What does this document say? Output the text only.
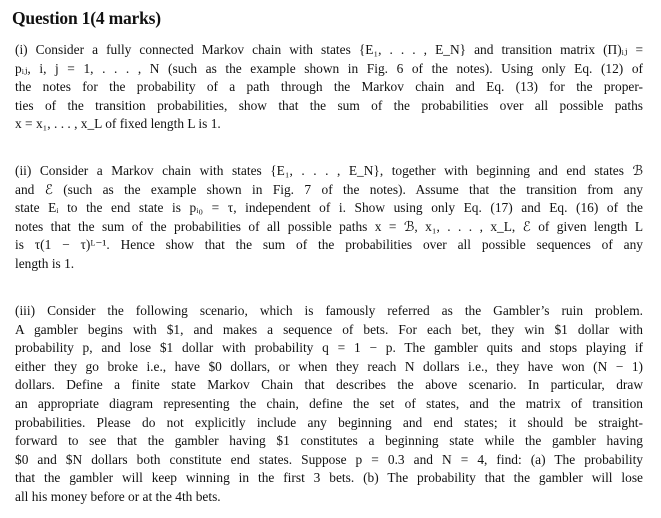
Question 1(4 marks)

(i) Consider a fully connected Markov chain with states {E₁, . . . , E_N} and transition matrix (Π)ᵢⱼ =
pᵢⱼ, i, j = 1, . . . , N (such as the example shown in Fig. 6 of the notes). Using only Eq. (12) of
the notes for the probability of a path through the Markov chain and Eq. (13) for the proper-
ties of the transition probabilities, show that the sum of the probabilities over all possible paths
x = x₁, . . . , x_L of fixed length L is 1.

(ii) Consider a Markov chain with states {E₁, . . . , E_N}, together with beginning and end states ℬ
and ℰ (such as the example shown in Fig. 7 of the notes). Assume that the transition from any
state Eᵢ to the end state is pᵢ₀ = τ, independent of i. Show using only Eq. (17) and Eq. (16) of the
notes that the sum of the probabilities of all possible paths x = ℬ, x₁, . . . , x_L, ℰ of given length L
is τ(1 − τ)ᴸ⁻¹. Hence show that the sum of the probabilities over all possible sequences of any
length is 1.

(iii) Consider the following scenario, which is famously referred as the Gambler’s ruin problem.
A gambler begins with $1, and makes a sequence of bets. For each bet, they win $1 dollar with
probability p, and lose $1 dollar with probability q = 1 − p. The gambler quits and stops playing if
either they go broke i.e., have $0 dollars, or when they reach N dollars i.e., they have won (N − 1)
dollars. Define a finite state Markov Chain that describes the above scenario. In particular, draw
an appropriate diagram representing the chain, define the set of states, and the matrix of transition
probabilities. Please do not explicitly include any beginning and end states; it should be straight-
forward to see that the gambler having $1 constitutes a beginning state while the gambler having
$0 and $N dollars both constitute end states. Suppose p = 0.3 and N = 4, find: (a) The probability
that the gambler will keep winning in the first 3 bets. (b) The probability that the gambler will lose
all his money before or at the 4th bets.
